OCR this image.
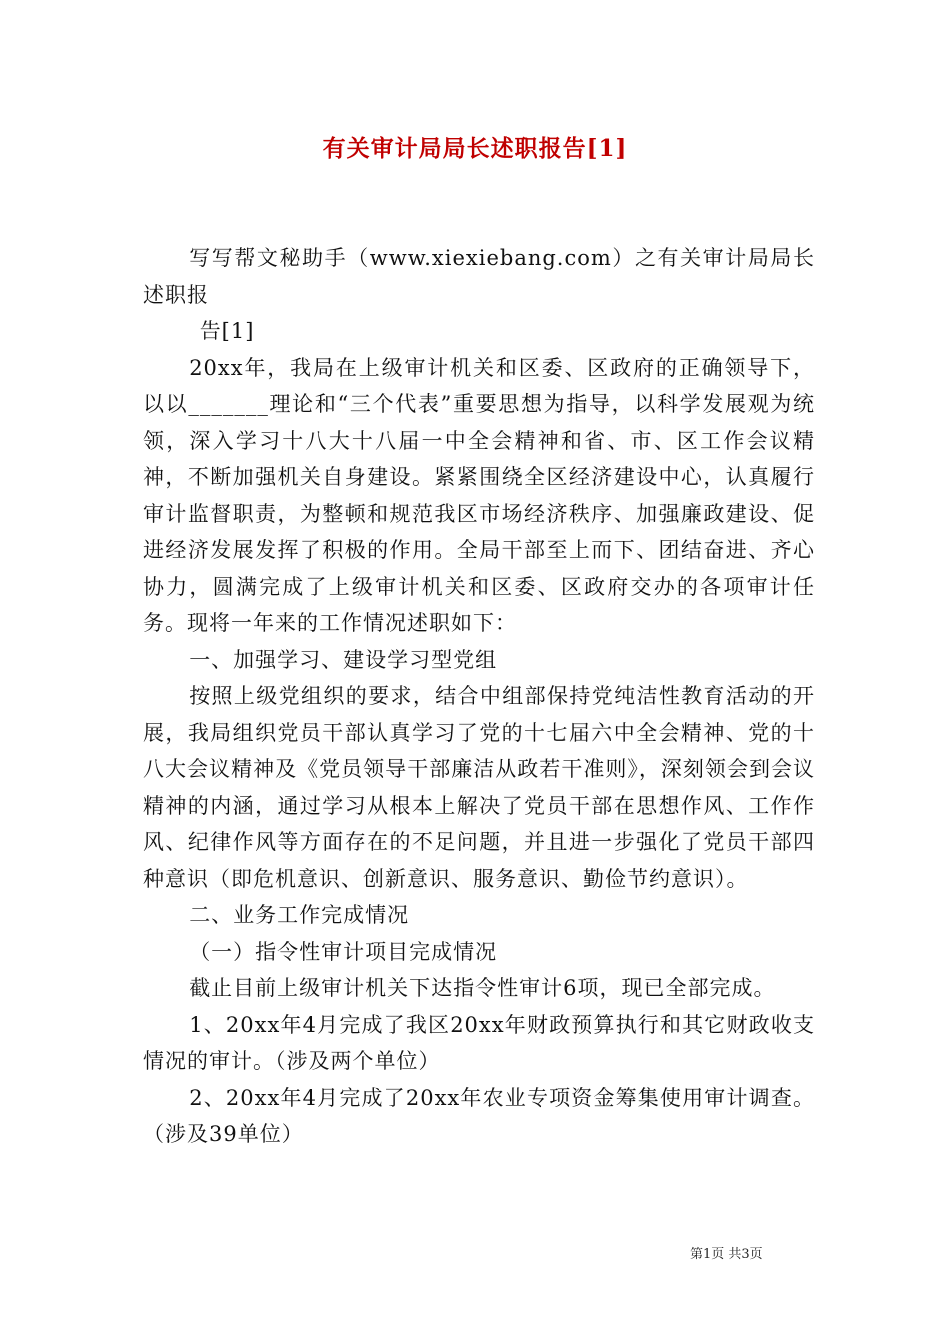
有关审计局局长述职报告[1]

写写帮文秘助手（www.xiexiebang.com）之有关审计局局长述职报

告[1]

20xx年，我局在上级审计机关和区委、区政府的正确领导下，以以_______理论和“三个代表”重要思想为指导，以科学发展观为统领，深入学习十八大十八届一中全会精神和省、市、区工作会议精神，不断加强机关自身建设。紧紧围绕全区经济建设中心，认真履行审计监督职责，为整顿和规范我区市场经济秩序、加强廉政建设、促进经济发展发挥了积极的作用。全局干部至上而下、团结奋进、齐心协力，圆满完成了上级审计机关和区委、区政府交办的各项审计任务。现将一年来的工作情况述职如下：

一、加强学习、建设学习型党组

按照上级党组织的要求，结合中组部保持党纯洁性教育活动的开展，我局组织党员干部认真学习了党的十七届六中全会精神、党的十八大会议精神及《党员领导干部廉洁从政若干准则》，深刻领会到会议精神的内涵，通过学习从根本上解决了党员干部在思想作风、工作作风、纪律作风等方面存在的不足问题，并且进一步强化了党员干部四种意识（即危机意识、创新意识、服务意识、勤俭节约意识）。

二、业务工作完成情况

（一）指令性审计项目完成情况

截止目前上级审计机关下达指令性审计6项，现已全部完成。

1、20xx年4月完成了我区20xx年财政预算执行和其它财政收支情况的审计。（涉及两个单位）

2、20xx年4月完成了20xx年农业专项资金筹集使用审计调查。（涉及39单位）

第1页 共3页
